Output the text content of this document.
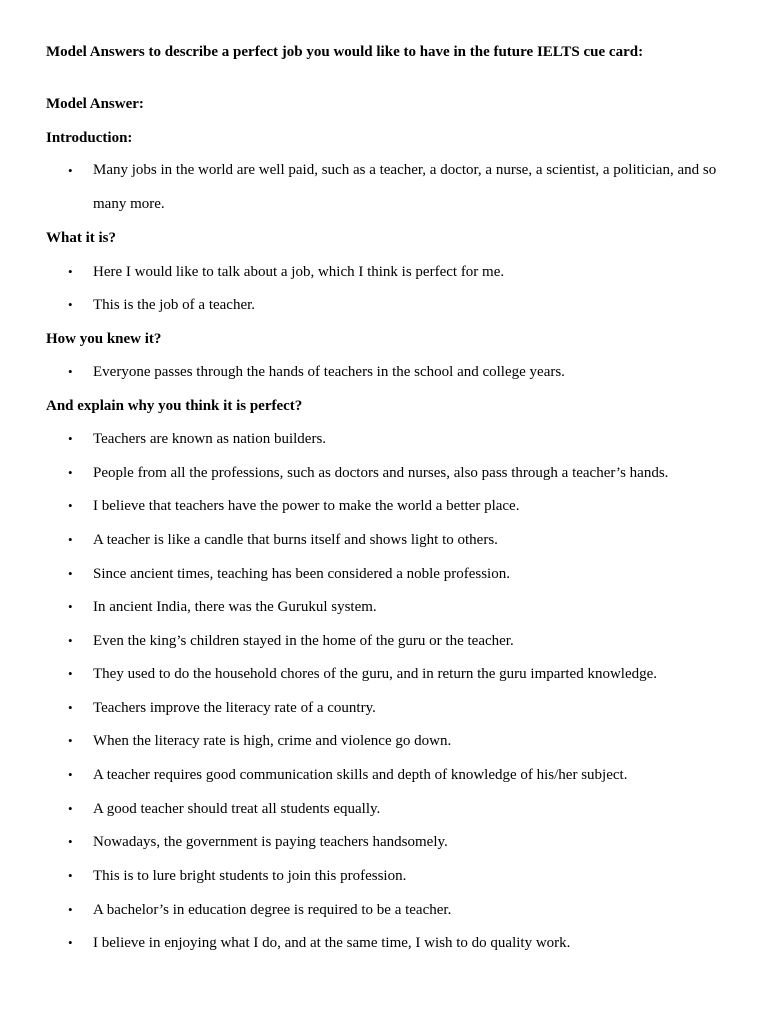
Model Answers to describe a perfect job you would like to have in the future IELTS cue card:
Model Answer:
Introduction:
• Many jobs in the world are well paid, such as a teacher, a doctor, a nurse, a scientist, a politician, and so many more.
What it is?
• Here I would like to talk about a job, which I think is perfect for me.
• This is the job of a teacher.
How you knew it?
• Everyone passes through the hands of teachers in the school and college years.
And explain why you think it is perfect?
• Teachers are known as nation builders.
• People from all the professions, such as doctors and nurses, also pass through a teacher’s hands.
• I believe that teachers have the power to make the world a better place.
• A teacher is like a candle that burns itself and shows light to others.
• Since ancient times, teaching has been considered a noble profession.
• In ancient India, there was the Gurukul system.
• Even the king’s children stayed in the home of the guru or the teacher.
• They used to do the household chores of the guru, and in return the guru imparted knowledge.
• Teachers improve the literacy rate of a country.
• When the literacy rate is high, crime and violence go down.
• A teacher requires good communication skills and depth of knowledge of his/her subject.
• A good teacher should treat all students equally.
• Nowadays, the government is paying teachers handsomely.
• This is to lure bright students to join this profession.
• A bachelor’s in education degree is required to be a teacher.
• I believe in enjoying what I do, and at the same time, I wish to do quality work.
